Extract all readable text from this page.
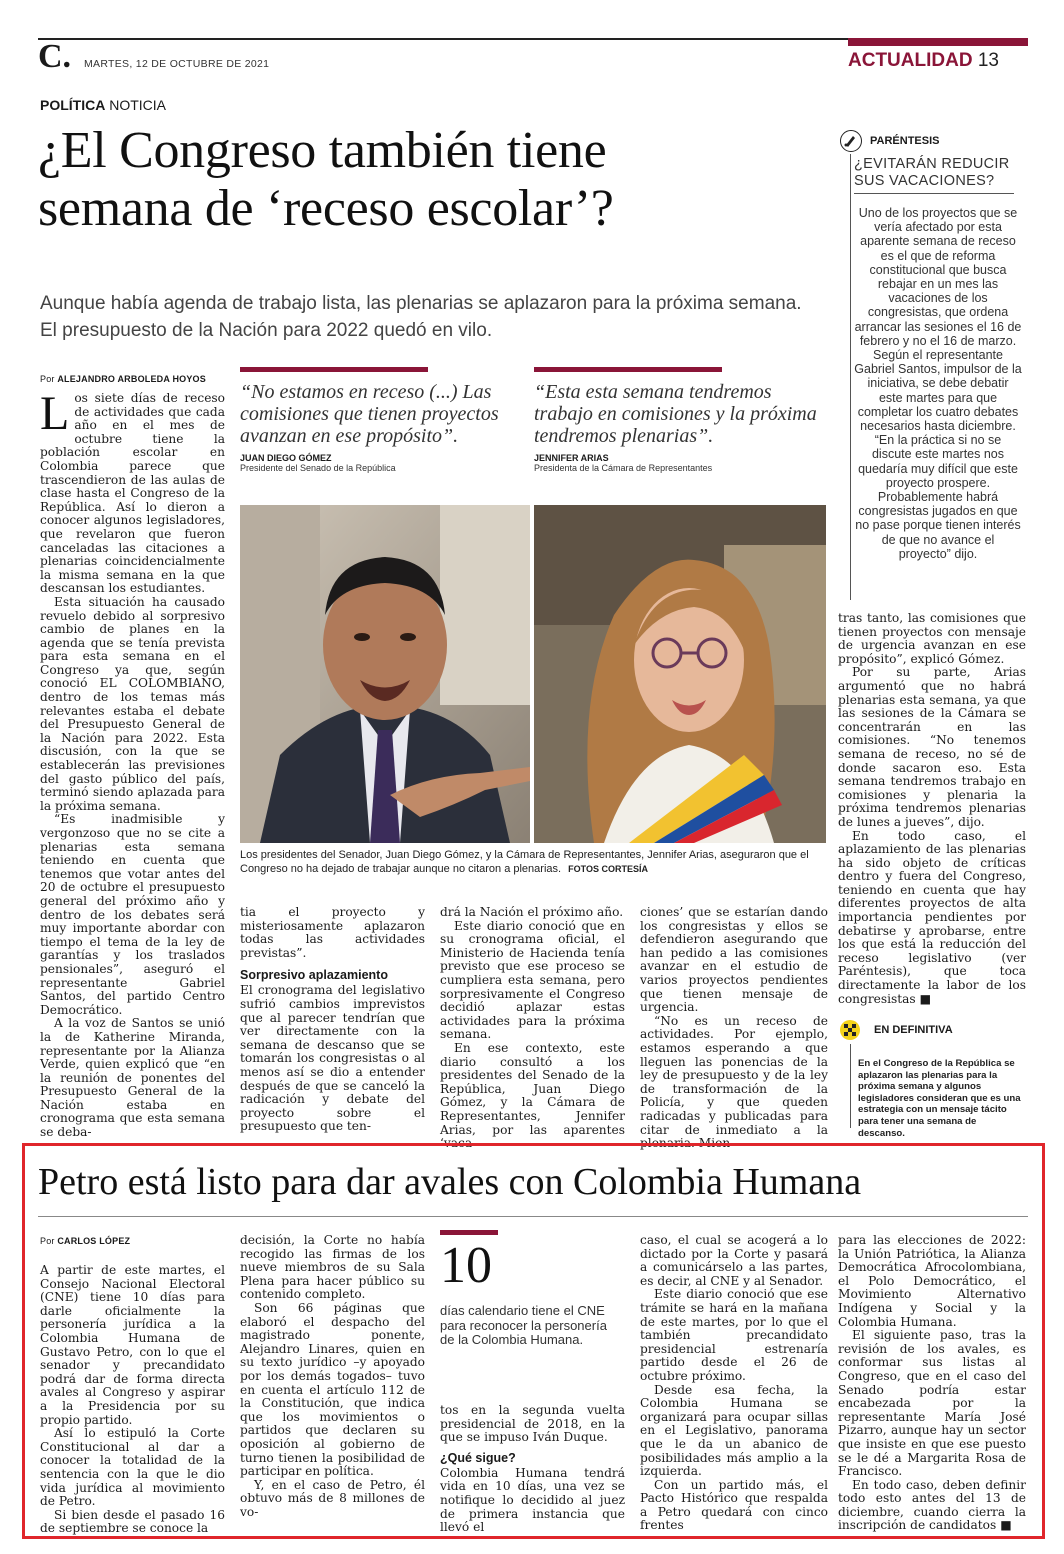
C. MARTES, 12 DE OCTUBRE DE 2021	ACTUALIDAD 13
POLÍTICA NOTICIA
¿El Congreso también tiene
semana de ‘receso escolar’?
Aunque había agenda de trabajo lista, las plenarias se aplazaron para la próxima semana. El presupuesto de la Nación para 2022 quedó en vilo.
Por ALEJANDRO ARBOLEDA HOYOS
L os siete días de receso de actividades que cada año en el mes de octubre tiene la población escolar en Colombia parece que trascendieron de las aulas de clase hasta el Congreso de la República. Así lo dieron a conocer algunos legisladores, que revelaron que fueron canceladas las citaciones a plenarias coincidencialmente la misma semana en la que descansan los estudiantes.

Esta situación ha causado revuelo debido al sorpresivo cambio de planes en la agenda que se tenía prevista para esta semana en el Congreso ya que, según conoció EL COLOMBIANO, dentro de los temas más relevantes estaba el debate del Presupuesto General de la Nación para 2022. Esta discusión, con la que se establecerán las previsiones del gasto público del país, terminó siendo aplazada para la próxima semana.

“Es inadmisible y vergonzoso que no se cite a plenarias esta semana teniendo en cuenta que tenemos que votar antes del 20 de octubre el presupuesto general del próximo año y dentro de los debates será muy importante abordar con tiempo el tema de la ley de garantías y los traslados pensionales”, aseguró el representante Gabriel Santos, del partido Centro Democrático.

A la voz de Santos se unió la de Katherine Miranda, representante por la Alianza Verde, quien explicó que “en la reunión de ponentes del Presupuesto General de la Nación estaba en cronograma que esta semana se deba-

“No estamos en receso (...) Las comisiones que tienen proyectos avanzan en ese propósito”.
JUAN DIEGO GÓMEZ
Presidente del Senado de la República
“Esta esta semana tendremos trabajo en comisiones y la próxima tendremos plenarias”.
JENNIFER ARIAS
Presidenta de la Cámara de Representantes
Los presidentes del Senador, Juan Diego Gómez, y la Cámara de Representantes, Jennifer Arias, aseguraron que el Congreso no ha dejado de trabajar aunque no citaron a plenarias. FOTOS CORTESÍA

tia el proyecto y misteriosamente aplazaron todas las actividades previstas”.

Sorpresivo aplazamiento

El cronograma del legislativo sufrió cambios imprevistos que al parecer tendrían que ver directamente con la semana de descanso que se tomarán los congresistas o al menos así se dio a entender después de que se canceló la radicación y debate del proyecto sobre el presupuesto que ten-

drá la Nación el próximo año.

Este diario conoció que en su cronograma oficial, el Ministerio de Hacienda tenía previsto que ese proceso se cumpliera esta semana, pero sorpresivamente el Congreso decidió aplazar estas actividades para la próxima semana.

En ese contexto, este diario consultó a los presidentes del Senado de la República, Juan Diego Gómez, y la Cámara de Representantes, Jennifer Arias, por las aparentes ‘vaca-

ciones’ que se estarían dando los congresistas y ellos se defendieron asegurando que han pedido a las comisiones avanzar en el estudio de varios proyectos pendientes que tienen mensaje de urgencia.

“No es un receso de actividades. Por ejemplo, estamos esperando a que lleguen las ponencias de la ley de presupuesto y de la ley de transformación de la Policía, y que queden radicadas y publicadas para citar de inmediato a la plenaria. Mien-

tras tanto, las comisiones que tienen proyectos con mensaje de urgencia avanzan en ese propósito”, explicó Gómez.

Por su parte, Arias argumentó que no habrá plenarias esta semana, ya que las sesiones de la Cámara se concentrarán en las comisiones. “No tenemos semana de receso, no sé de donde sacaron eso. Esta semana tendremos trabajo en comisiones y plenaria la próxima tendremos plenarias de lunes a jueves”, dijo.

En todo caso, el aplazamiento de las plenarias ha sido objeto de críticas dentro y fuera del Congreso, teniendo en cuenta que hay diferentes proyectos de alta importancia pendientes por debatirse y aprobarse, entre los que está la reducción del receso legislativo (ver Paréntesis), que toca directamente la labor de los congresistas ■

PARÉNTESIS
¿EVITARÁN REDUCIR
SUS VACACIONES?

Uno de los proyectos que se vería afectado por esta aparente semana de receso es el que de reforma constitucional que busca rebajar en un mes las vacaciones de los congresistas, que ordena arrancar las sesiones el 16 de febrero y no el 16 de marzo. Según el representante Gabriel Santos, impulsor de la iniciativa, se debe debatir este martes para que completar los cuatro debates necesarios hasta diciembre. “En la práctica si no se discute este martes nos quedaría muy difícil que este proyecto prospere. Probablemente habrá congresistas jugados en que no pase porque tienen interés de que no avance el proyecto” dijo.

EN DEFINITIVA
En el Congreso de la República se aplazaron las plenarias para la próxima semana y algunos legisladores consideran que es una estrategia con un mensaje tácito para tener una semana de descanso.
Petro está listo para dar avales con Colombia Humana
Por CARLOS LÓPEZ

A partir de este martes, el Consejo Nacional Electoral (CNE) tiene 10 días para darle oficialmente la personería jurídica a la Colombia Humana de Gustavo Petro, con lo que el senador y precandidato podrá dar de forma directa avales al Congreso y aspirar a la Presidencia por su propio partido.

Así lo estipuló la Corte Constitucional al dar a conocer la totalidad de la sentencia con la que le dio vida jurídica al movimiento de Petro.

Si bien desde el pasado 16 de septiembre se conoce la

decisión, la Corte no había recogido las firmas de los nueve miembros de su Sala Plena para hacer público su contenido completo.

Son 66 páginas que elaboró el despacho del magistrado ponente, Alejandro Linares, quien en su texto jurídico –y apoyado por los demás togados– tuvo en cuenta el artículo 112 de la Constitución, que indica que los movimientos o partidos que declaren su oposición al gobierno de turno tienen la posibilidad de participar en política.

Y, en el caso de Petro, él obtuvo más de 8 millones de vo-

10
días calendario tiene el CNE para reconocer la personería de la Colombia Humana.

tos en la segunda vuelta presidencial de 2018, en la que se impuso Iván Duque.

¿Qué sigue?

Colombia Humana tendrá vida en 10 días, una vez se notifique lo decidido al juez de primera instancia que llevó el

caso, el cual se acogerá a lo dictado por la Corte y pasará a comunicárselo a las partes, es decir, al CNE y al Senador.

Este diario conoció que ese trámite se hará en la mañana de este martes, por lo que el también precandidato presidencial estrenaría partido desde el 26 de octubre próximo.

Desde esa fecha, la Colombia Humana se organizará para ocupar sillas en el Legislativo, panorama que le da un abanico de posibilidades más amplio a la izquierda.

Con un partido más, el Pacto Histórico que respalda a Petro quedará con cinco frentes

para las elecciones de 2022: la Unión Patriótica, la Alianza Democrática Afrocolombiana, el Polo Democrático, el Movimiento Alternativo Indígena y Social y la Colombia Humana.

El siguiente paso, tras la revisión de los avales, es conformar sus listas al Congreso, que en el caso del Senado podría estar encabezada por la representante María José Pizarro, aunque hay un sector que insiste en que ese puesto se le dé a Margarita Rosa de Francisco.

En todo caso, deben definir todo esto antes del 13 de diciembre, cuando cierra la inscripción de candidatos ■
